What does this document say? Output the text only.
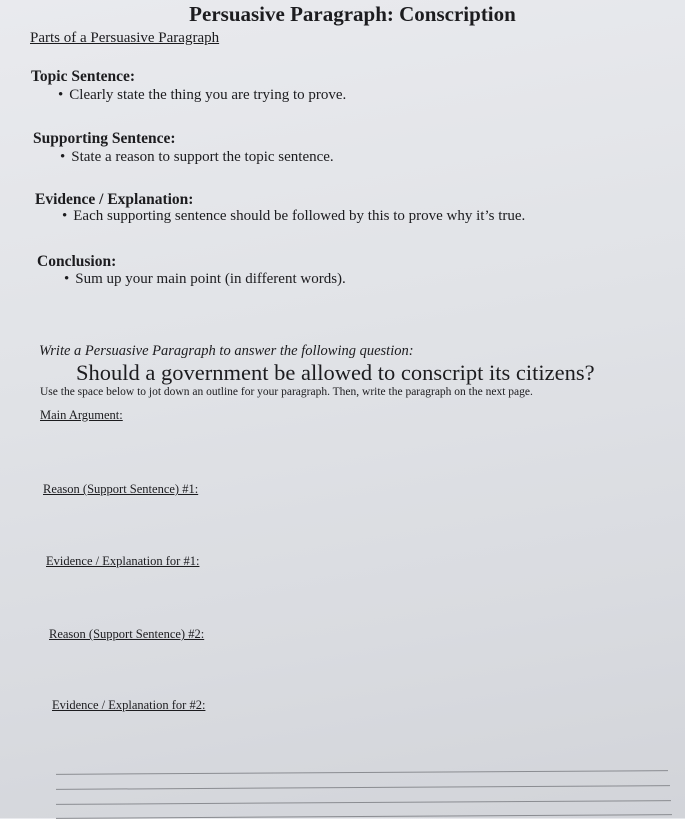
Persuasive Paragraph: Conscription
Parts of a Persuasive Paragraph
Topic Sentence:
• Clearly state the thing you are trying to prove.
Supporting Sentence:
• State a reason to support the topic sentence.
Evidence / Explanation:
• Each supporting sentence should be followed by this to prove why it’s true.
Conclusion:
• Sum up your main point (in different words).
Write a Persuasive Paragraph to answer the following question:
Should a government be allowed to conscript its citizens?
Use the space below to jot down an outline for your paragraph. Then, write the paragraph on the next page.
Main Argument:
Reason (Support Sentence) #1:
Evidence / Explanation for #1:
Reason (Support Sentence) #2:
Evidence / Explanation for #2:
